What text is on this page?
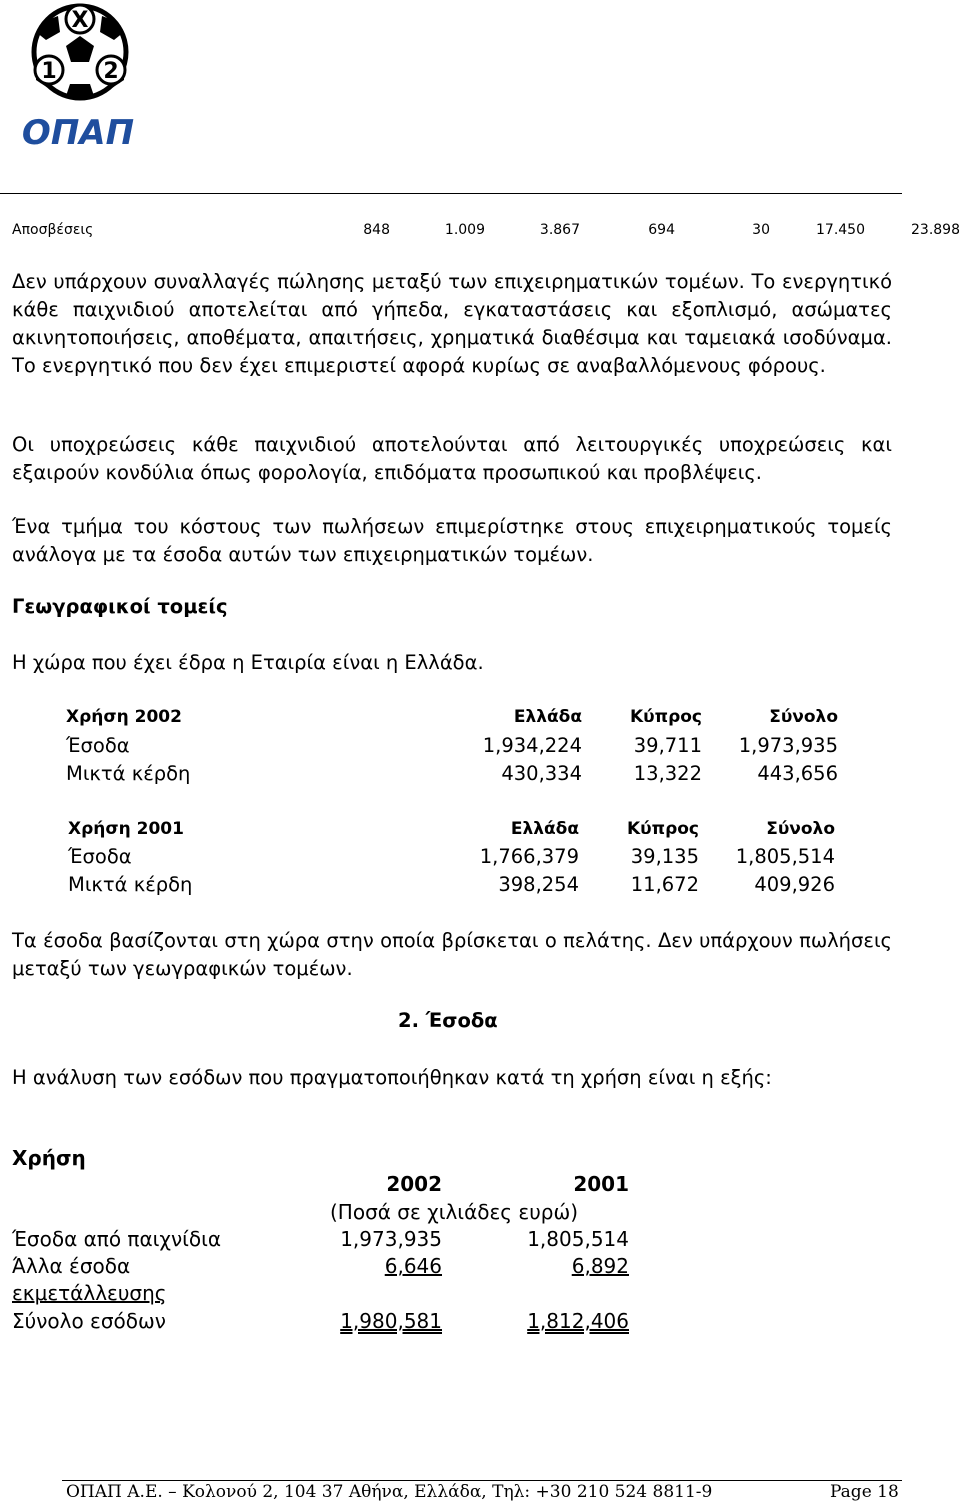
X
1 2
ΟΠΑΠ
Αποσβέσεις	848	1.009	3.867	694	30	17.450	23.898
Δεν υπάρχουν συναλλαγές πώλησης μεταξύ των επιχειρηματικών τομέων. Το ενεργητικό κάθε παιχνιδιού αποτελείται από γήπεδα, εγκαταστάσεις και εξοπλισμό, ασώματες ακινητοποιήσεις, αποθέματα, απαιτήσεις, χρηματικά διαθέσιμα και ταμειακά ισοδύναμα. Το ενεργητικό που δεν έχει επιμεριστεί αφορά κυρίως σε αναβαλλόμενους φόρους.
Οι υποχρεώσεις κάθε παιχνιδιού αποτελούνται από λειτουργικές υποχρεώσεις και εξαιρούν κονδύλια όπως φορολογία, επιδόματα προσωπικού και προβλέψεις.
Ένα τμήμα του κόστους των πωλήσεων επιμερίστηκε στους επιχειρηματικούς τομείς ανάλογα με τα έσοδα αυτών των επιχειρηματικών τομέων.
Γεωγραφικοί τομείς
Η χώρα που έχει έδρα η Εταιρία είναι η Ελλάδα.
Χρήση 2002	Ελλάδα	Κύπρος	Σύνολο
Έσοδα	1,934,224	39,711	1,973,935
Μικτά κέρδη	430,334	13,322	443,656
Χρήση 2001	Ελλάδα	Κύπρος	Σύνολο
Έσοδα	1,766,379	39,135	1,805,514
Μικτά κέρδη	398,254	11,672	409,926
Τα έσοδα βασίζονται στη χώρα στην οποία βρίσκεται ο πελάτης. Δεν υπάρχουν πωλήσεις μεταξύ των γεωγραφικών τομέων.
2. Έσοδα
Η ανάλυση των εσόδων που πραγματοποιήθηκαν κατά τη χρήση είναι η εξής:
Χρήση
2002	2001
(Ποσά σε χιλιάδες ευρώ)
Έσοδα από παιχνίδια	1,973,935	1,805,514
Άλλα έσοδα
εκμετάλλευσης
6,646	6,892
Σύνολο εσόδων	1,980,581	1,812,406
ΟΠΑΠ Α.Ε. – Κολονού 2, 104 37 Αθήνα, Ελλάδα, Τηλ: +30 210 524 8811-9	Page 18
